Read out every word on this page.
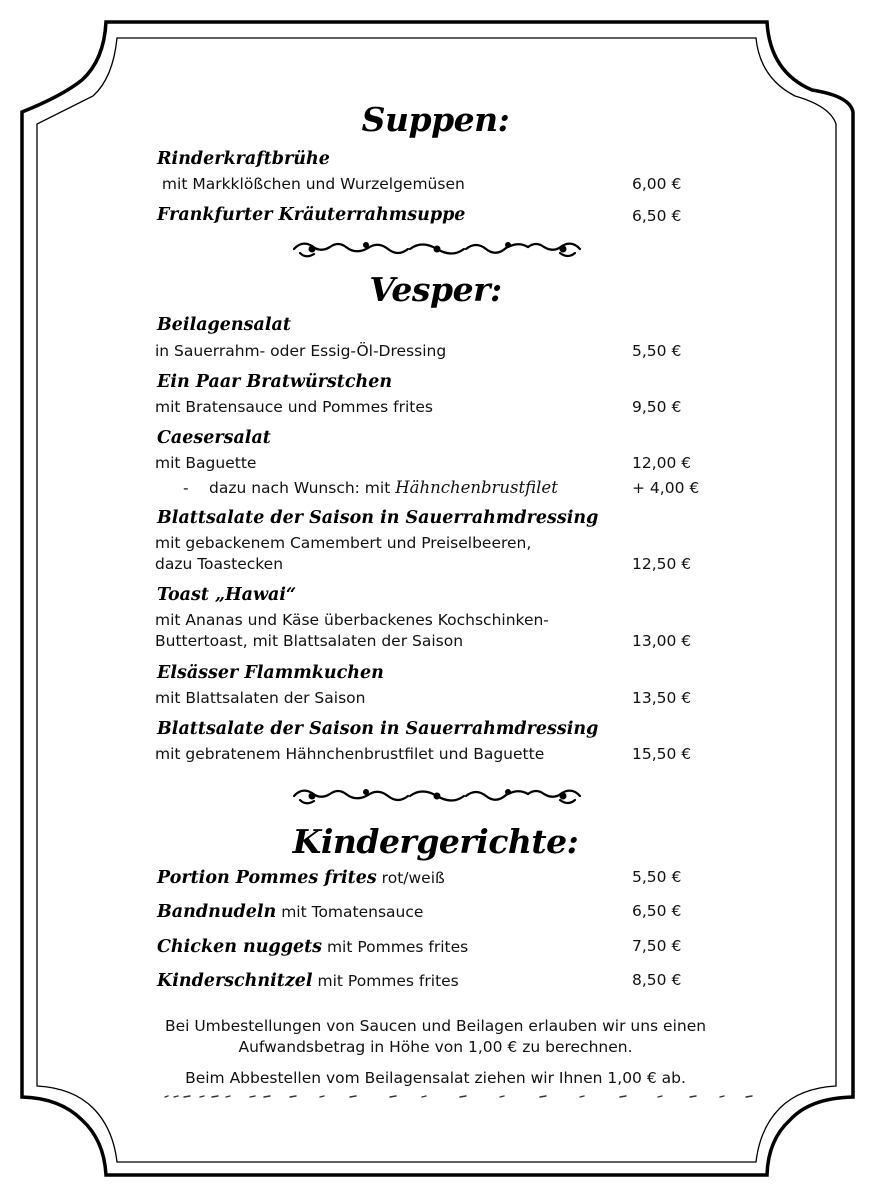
Suppen:
Rinderkraftbrühe
mit Markklößchen und Wurzelgemüsen	6,00 €
Frankfurter Kräuterrahmsuppe	6,50 €
Vesper:
Beilagensalat
in Sauerrahm- oder Essig-Öl-Dressing	5,50 €
Ein Paar Bratwürstchen
mit Bratensauce und Pommes frites	9,50 €
Caesersalat
mit Baguette	12,00 €
- dazu nach Wunsch: mit Hähnchenbrustfilet	+ 4,00 €
Blattsalate der Saison in Sauerrahmdressing
mit gebackenem Camembert und Preiselbeeren,
dazu Toastecken	12,50 €
Toast „Hawai“
mit Ananas und Käse überbackenes Kochschinken-
Buttertoast, mit Blattsalaten der Saison	13,00 €
Elsässer Flammkuchen
mit Blattsalaten der Saison	13,50 €
Blattsalate der Saison in Sauerrahmdressing
mit gebratenem Hähnchenbrustfilet und Baguette	15,50 €
Kindergerichte:
Portion Pommes frites rot/weiß	5,50 €
Bandnudeln mit Tomatensauce	6,50 €
Chicken nuggets mit Pommes frites	7,50 €
Kinderschnitzel mit Pommes frites	8,50 €
Bei Umbestellungen von Saucen und Beilagen erlauben wir uns einen
Aufwandsbetrag in Höhe von 1,00 € zu berechnen.
Beim Abbestellen vom Beilagensalat ziehen wir Ihnen 1,00 € ab.
